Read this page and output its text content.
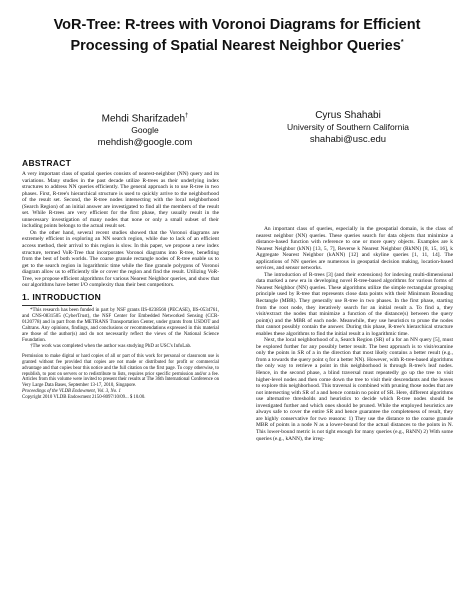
VoR-Tree: R-trees with Voronoi Diagrams for Efficient Processing of Spatial Nearest Neighbor Queries*
Mehdi Sharifzadeh†
Google
mehdish@google.com
Cyrus Shahabi
University of Southern California
shahabi@usc.edu
ABSTRACT

A very important class of spatial queries consists of nearest-neighbor (NN) query and its variations. Many studies in the past decade utilize R-trees as their underlying index structures to address NN queries efficiently. The general approach is to use R-tree in two phases. First, R-tree's hierarchical structure is used to quickly arrive to the neighborhood of the result set. Second, the R-tree nodes intersecting with the local neighborhood (Search Region) of an initial answer are investigated to find all the members of the result set. While R-trees are very efficient for the first phase, they usually result in the unnecessary investigation of many nodes that none or only a small subset of their including points belongs to the actual result set.

On the other hand, several recent studies showed that the Voronoi diagrams are extremely efficient in exploring an NN search region, while due to lack of an efficient access method, their arrival to this region is slow. In this paper, we propose a new index structure, termed VoR-Tree that incorporates Voronoi diagrams into R-tree, benefiting from the best of both worlds. The coarse granule rectangle nodes of R-tree enable us to get to the search region in logarithmic time while the fine granule polygons of Voronoi diagram allow us to efficiently tile or cover the region and find the result. Utilizing VoR-Tree, we propose efficient algorithms for various Nearest Neighbor queries, and show that our algorithms have better I/O complexity than their best competitors.

1. INTRODUCTION

*This research has been funded in part by NSF grants IIS-0238560 (PECASE), IIS-0534761, and CNS-0831505 (CyberTrust), the NSF Center for Embedded Networked Sensing (CCR-0120778) and in part from the METRANS Transportation Center, under grants from USDOT and Caltrans. Any opinions, findings, and conclusions or recommendations expressed in this material are those of the author(s) and do not necessarily reflect the views of the National Science Foundation.

†The work was completed when the author was studying PhD at USC's InfoLab.

Permission to make digital or hard copies of all or part of this work for personal or classroom use is granted without fee provided that copies are not made or distributed for profit or commercial advantage and that copies bear this notice and the full citation on the first page. To copy otherwise, to republish, to post on servers or to redistribute to lists, requires prior specific permission and/or a fee. Articles from this volume were invited to present their results at The 36th International Conference on Very Large Data Bases, September 13-17, 2010, Singapore.
Proceedings of the VLDB Endowment, Vol. 3, No. 1
Copyright 2010 VLDB Endowment 2150-8097/10/09... $ 10.00.

An important class of queries, especially in the geospatial domain, is the class of nearest neighbor (NN) queries. These queries search for data objects that minimize a distance-based function with reference to one or more query objects. Examples are k Nearest Neighbor (kNN) [13, 5, 7], Reverse k Nearest Neighbor (RkNN) [8, 15, 16], k Aggregate Nearest Neighbor (kANN) [12] and skyline queries [1, 11, 14]. The applications of NN queries are numerous in geospatial decision making, location-based services, and sensor networks.

The introduction of R-trees [3] (and their extensions) for indexing multi-dimensional data marked a new era in developing novel R-tree-based algorithms for various forms of Nearest Neighbor (NN) queries. These algorithms utilize the simple rectangular grouping principle used by R-tree that represents close data points with their Minimum Bounding Rectangle (MBR). They generally use R-tree in two phases. In the first phase, starting from the root node, they iteratively search for an initial result a. To find a, they visit/extract the nodes that minimize a function of the distance(s) between the query point(s) and the MBR of each node. Meanwhile, they use heuristics to prune the nodes that cannot possibly contain the answer. During this phase, R-tree's hierarchical structure enables these algorithms to find the initial result a in logarithmic time.

Next, the local neighborhood of a, Search Region (SR) of a for an NN query [5], must be explored further for any possibly better result. The best approach is to visit/examine only the points in SR of a in the direction that most likely contains a better result (e.g., from a towards the query point q for a better NN). However, with R-tree-based algorithms the only way to retrieve a point in this neighborhood is through R-tree's leaf nodes. Hence, in the second phase, a blind traversal must repeatedly go up the tree to visit higher-level nodes and then come down the tree to visit their descendants and the leaves to explore this neighborhood. This traversal is combined with pruning those nodes that are not intersecting with SR of a and hence contain no point of SR. Here, different algorithms use alternative thresholds and heuristics to decide which R-tree nodes should be investigated further and which ones should be pruned. While the employed heuristics are always safe to cover the entire SR and hence guarantee the completeness of result, they are highly conservative for two reasons: 1) They use the distance to the coarse granule MBR of points in a node N as a lower-bound for the actual distances to the points in N. This lower-bound metric is not tight enough for many queries (e.g., RkNN) 2) With some queries (e.g., kANN), the irreg-
